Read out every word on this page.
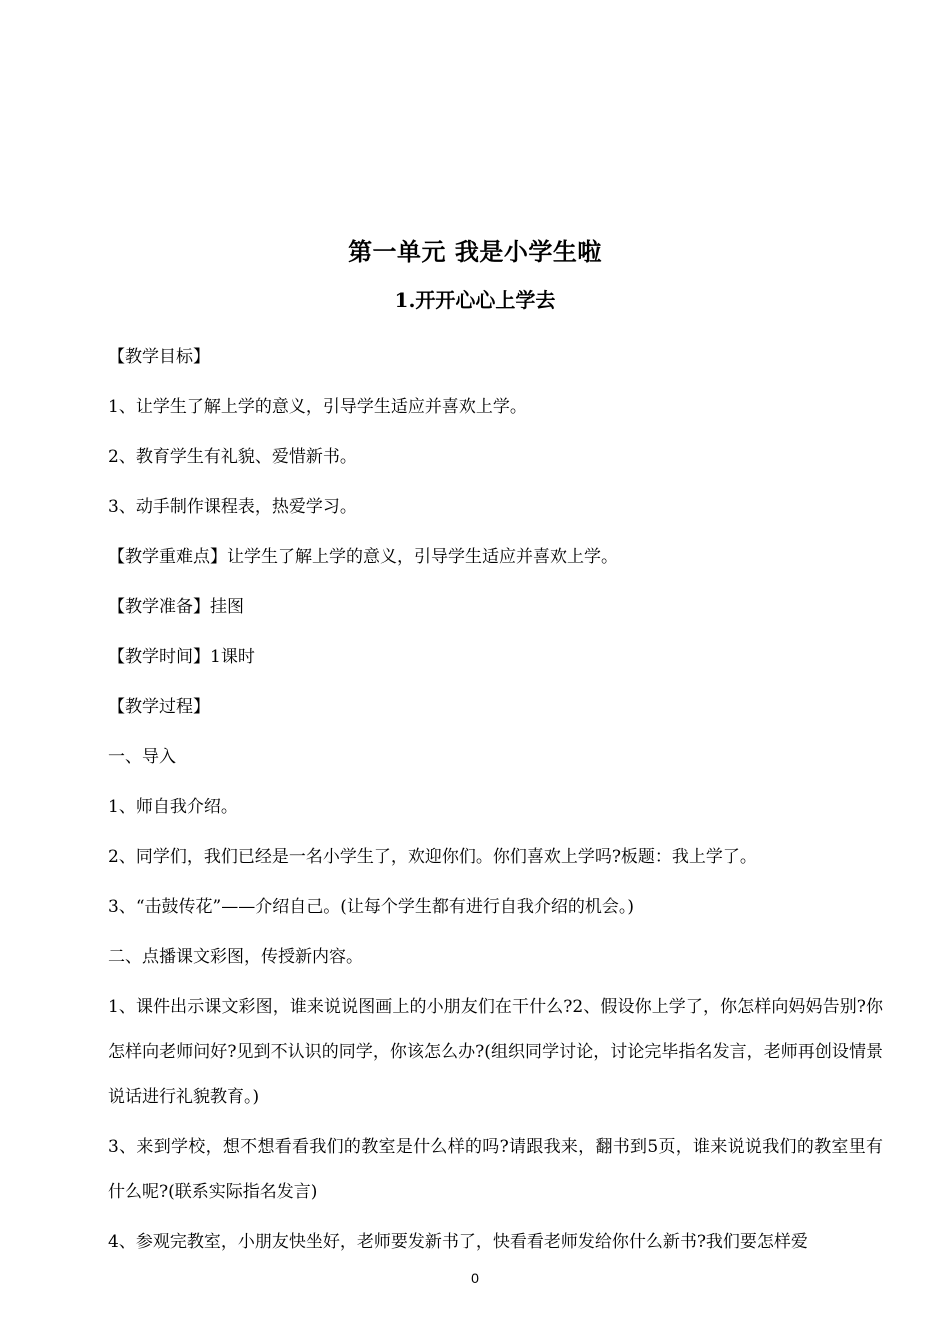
第一单元 我是小学生啦
1.开开心心上学去
【教学目标】
1、让学生了解上学的意义，引导学生适应并喜欢上学。
2、教育学生有礼貌、爱惜新书。
3、动手制作课程表，热爱学习。
【教学重难点】让学生了解上学的意义，引导学生适应并喜欢上学。
【教学准备】挂图
【教学时间】1课时
【教学过程】
一、导入
1、师自我介绍。
2、同学们，我们已经是一名小学生了，欢迎你们。你们喜欢上学吗?板题：我上学了。
3、“击鼓传花”——介绍自己。(让每个学生都有进行自我介绍的机会。)
二、点播课文彩图，传授新内容。
1、课件出示课文彩图，谁来说说图画上的小朋友们在干什么?2、假设你上学了，你怎样向妈妈告别?你怎样向老师问好?见到不认识的同学，你该怎么办?(组织同学讨论，讨论完毕指名发言，老师再创设情景说话进行礼貌教育。)
3、来到学校，想不想看看我们的教室是什么样的吗?请跟我来，翻书到5页，谁来说说我们的教室里有什么呢?(联系实际指名发言)
4、参观完教室，小朋友快坐好，老师要发新书了，快看看老师发给你什么新书?我们要怎样爱
0
